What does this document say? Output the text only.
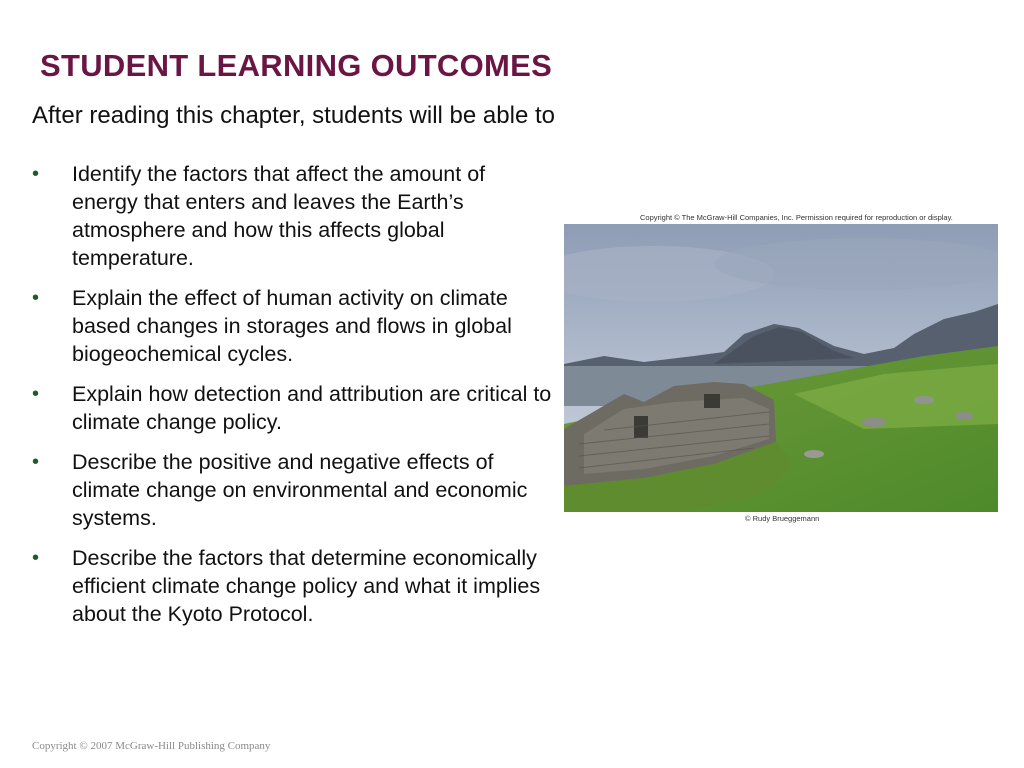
STUDENT LEARNING OUTCOMES
After reading this chapter, students will be able to
• Identify the factors that affect the amount of energy that enters and leaves the Earth’s atmosphere and how this affects global temperature.
• Explain the effect of human activity on climate based changes in storages and flows in global biogeochemical cycles.
• Explain how detection and attribution are critical to climate change policy.
• Describe the positive and negative effects of climate change on environmental and economic systems.
• Describe the factors that determine economically efficient climate change policy and what it implies about the Kyoto Protocol.
Copyright © The McGraw-Hill Companies, Inc. Permission required for reproduction or display.
© Rudy Brueggemann
Copyright © 2007 McGraw-Hill Publishing Company
